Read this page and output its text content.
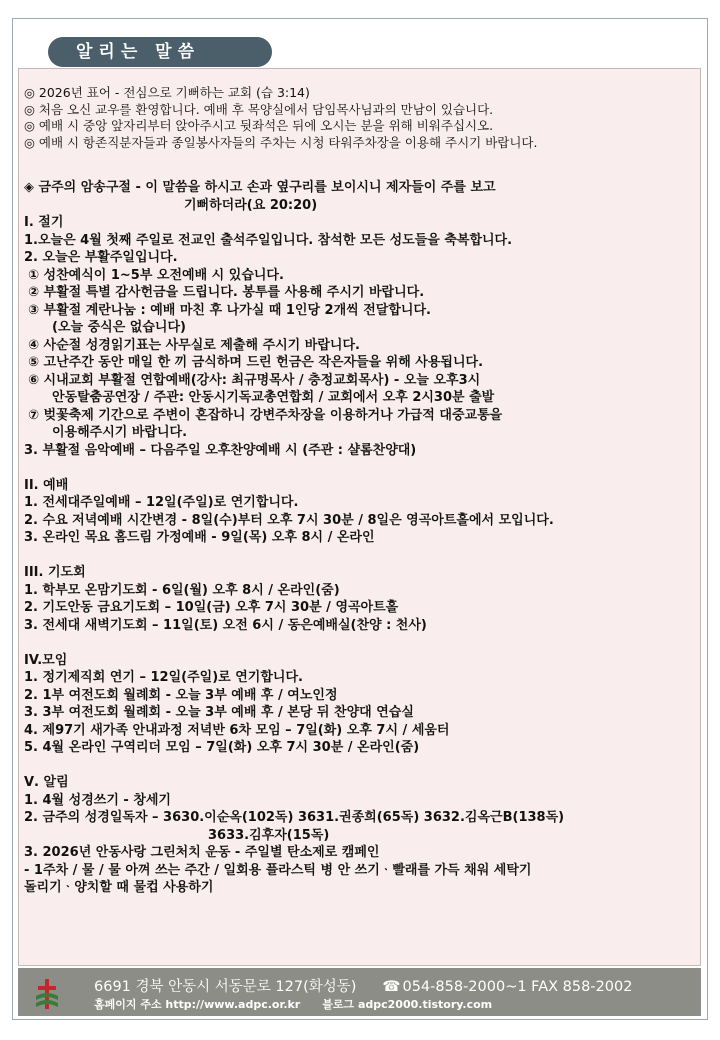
알리는 말씀
◎ 2026년 표어 - 전심으로 기뻐하는 교회 (습 3:14)
◎ 처음 오신 교우를 환영합니다. 예배 후 목양실에서 담임목사님과의 만남이 있습니다.
◎ 예배 시 중앙 앞자리부터 앉아주시고 뒷좌석은 뒤에 오시는 분을 위해 비워주십시오.
◎ 예배 시 항존직분자들과 종일봉사자들의 주차는 시청 타워주차장을 이용해 주시기 바랍니다.
◈ 금주의 암송구절 - 이 말씀을 하시고 손과 옆구리를 보이시니 제자들이 주를 보고
기뻐하더라(요 20:20)
I. 절기
1.오늘은 4월 첫째 주일로 전교인 출석주일입니다. 참석한 모든 성도들을 축복합니다.
2. 오늘은 부활주일입니다.
① 성찬예식이 1~5부 오전예배 시 있습니다.
② 부활절 특별 감사헌금을 드립니다. 봉투를 사용해 주시기 바랍니다.
③ 부활절 계란나눔 : 예배 마친 후 나가실 때 1인당 2개씩 전달합니다.
(오늘 중식은 없습니다)
④ 사순절 성경읽기표는 사무실로 제출해 주시기 바랍니다.
⑤ 고난주간 동안 매일 한 끼 금식하며 드린 헌금은 작은자들을 위해 사용됩니다.
⑥ 시내교회 부활절 연합예배(강사: 최규명목사 / 충정교회목사) - 오늘 오후3시
안동탈춤공연장 / 주관: 안동시기독교총연합회 / 교회에서 오후 2시30분 출발
⑦ 벚꽃축제 기간으로 주변이 혼잡하니 강변주차장을 이용하거나 가급적 대중교통을
이용해주시기 바랍니다.
3. 부활절 음악예배 – 다음주일 오후찬양예배 시 (주관 : 샬롬찬양대)
II. 예배
1. 전세대주일예배 – 12일(주일)로 연기합니다.
2. 수요 저녁예배 시간변경 - 8일(수)부터 오후 7시 30분 / 8일은 영곡아트홀에서 모입니다.
3. 온라인 목요 홈드림 가정예배 - 9일(목) 오후 8시 / 온라인
III. 기도회
1. 학부모 온맘기도회 - 6일(월) 오후 8시 / 온라인(줌)
2. 기도안동 금요기도회 – 10일(금) 오후 7시 30분 / 영곡아트홀
3. 전세대 새벽기도회 – 11일(토) 오전 6시 / 동은예배실(찬양 : 천사)
IV.모임
1. 정기제직회 연기 – 12일(주일)로 연기합니다.
2. 1부 여전도회 월례회 - 오늘 3부 예배 후 / 여노인정
3. 3부 여전도회 월례회 - 오늘 3부 예배 후 / 본당 뒤 찬양대 연습실
4. 제97기 새가족 안내과정 저녁반 6차 모임 – 7일(화) 오후 7시 / 세움터
5. 4월 온라인 구역리더 모임 – 7일(화) 오후 7시 30분 / 온라인(줌)
Ⅴ. 알림
1. 4월 성경쓰기 - 창세기
2. 금주의 성경일독자 – 3630.이순옥(102독) 3631.권종희(65독) 3632.김옥근B(138독)
3633.김후자(15독)
3. 2026년 안동사랑 그린처치 운동 - 주일별 탄소제로 캠페인
- 1주차 / 물 / 물 아껴 쓰는 주간 / 일회용 플라스틱 병 안 쓰기ᆞ빨래를 가득 채워 세탁기
돌리기ᆞ양치할 때 물컵 사용하기
6691 경북 안동시 서동문로 127(화성동) ☎ 054-858-2000~1 FAX 858-2002
홈페이지 주소 http://www.adpc.or.kr 블로그 adpc2000.tistory.com
